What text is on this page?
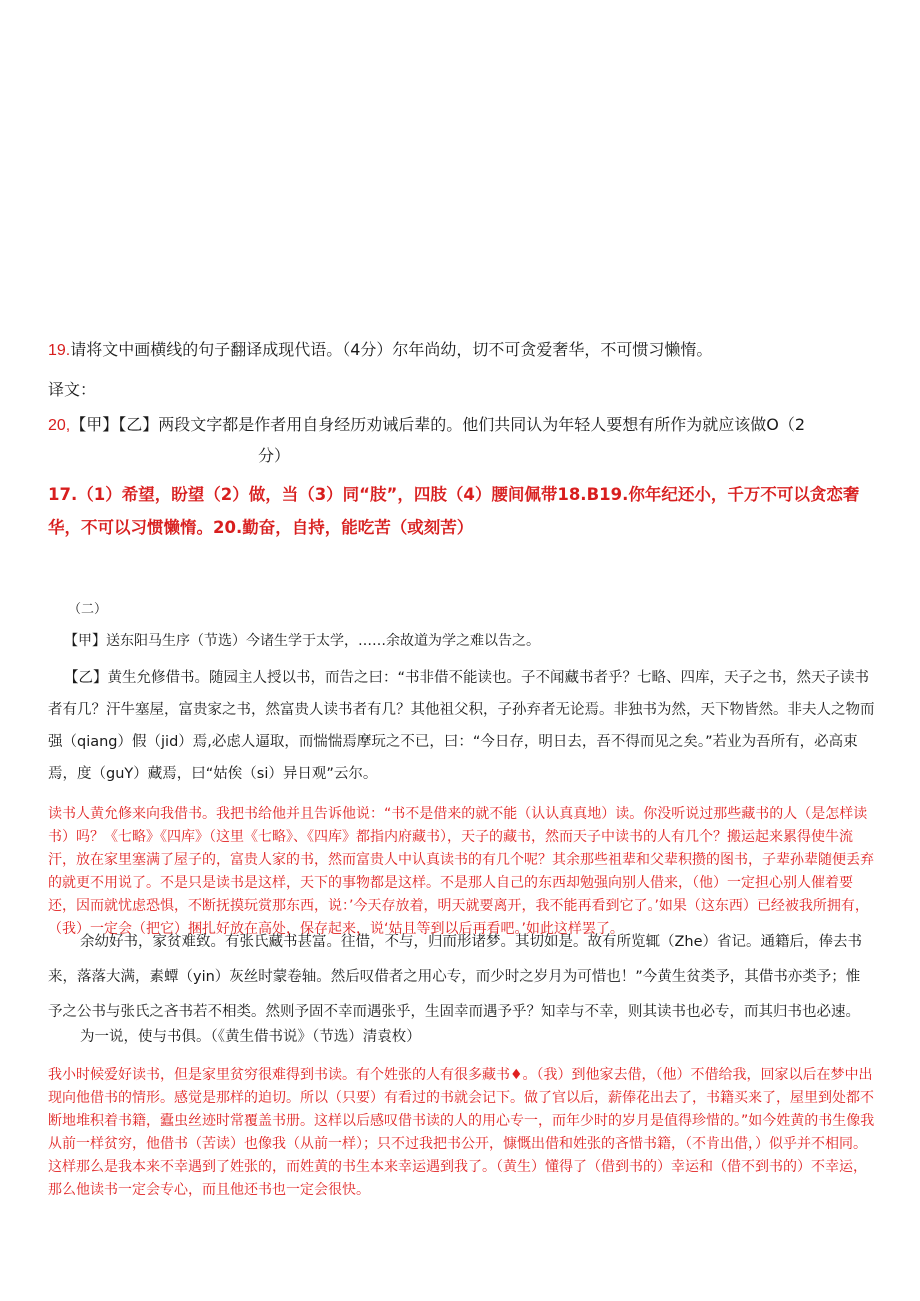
19.请将文中画横线的句子翻译成现代语。（4分）尔年尚幼，切不可贪爱奢华，不可惯习懒惰。
译文：
20,【甲】【乙】两段文字都是作者用自身经历劝诫后辈的。他们共同认为年轻人要想有所作为就应该做O（2
分）
17.（1）希望，盼望（2）做，当（3）同“肢”，四肢（4）腰间佩带18.B19.你年纪还小，千万不可以贪恋奢华，不可以习惯懒惰。20.勤奋，自持，能吃苦（或刻苦）
（二）
【甲】送东阳马生序（节选）今诸生学于太学，……余故道为学之难以告之。
【乙】黄生允修借书。随园主人授以书，而告之曰：“书非借不能读也。子不闻藏书者乎？七略、四库，天子之书，然天子读书者有几？汗牛塞屋，富贵家之书，然富贵人读书者有几？其他祖父积，子孙弃者无论焉。非独书为然，天下物皆然。非夫人之物而强（qiang）假（jid）焉,必虑人逼取，而惴惴焉摩玩之不已，曰：“今日存，明日去，吾不得而见之矣。”若业为吾所有，必高束焉，度（guY）藏焉，曰“姑俟（si）异日观”云尔。
读书人黄允修来向我借书。我把书给他并且告诉他说：“书不是借来的就不能（认认真真地）读。你没听说过那些藏书的人（是怎样读书）吗？《七略》《四库》（这里《七略》、《四库》都指内府藏书），天子的藏书，然而天子中读书的人有几个？搬运起来累得使牛流汗，放在家里塞满了屋子的，富贵人家的书，然而富贵人中认真读书的有几个呢？其余那些祖辈和父辈积攒的图书，子辈孙辈随便丢弃的就更不用说了。不是只是读书是这样，天下的事物都是这样。不是那人自己的东西却勉强向别人借来，（他）一定担心别人催着要还，因而就忧虑恐惧，不断抚摸玩赏那东西，说：’今天存放着，明天就要离开，我不能再看到它了。’如果（这东西）已经被我所拥有，（我）一定会（把它）捆扎好放在高处，保存起来，说‘姑且等到以后再看吧。’如此这样罢了。
余幼好书，家贫难致。有张氏藏书甚富。往借，不与，归而形诸梦。其切如是。故有所览辄（Zhe）省记。通籍后，俸去书来，落落大满，素蟫（yin）灰丝时蒙卷轴。然后叹借者之用心专，而少时之岁月为可惜也！”今黄生贫类予，其借书亦类予；惟予之公书与张氏之吝书若不相类。然则予固不幸而遇张乎，生固幸而遇予乎？知幸与不幸，则其读书也必专，而其归书也必速。
为一说，使与书俱。（《黄生借书说》（节选）清袁枚）
我小时候爱好读书，但是家里贫穷很难得到书读。有个姓张的人有很多藏书♦。（我）到他家去借，（他）不借给我，回家以后在梦中出现向他借书的情形。感觉是那样的迫切。所以（只要）有看过的书就会记下。做了官以后，薪俸花出去了，书籍买来了，屋里到处都不断地堆积着书籍，蠹虫丝迹时常覆盖书册。这样以后感叹借书读的人的用心专一，而年少时的岁月是值得珍惜的。”如今姓黄的书生像我从前一样贫穷，他借书（苦读）也像我（从前一样）；只不过我把书公开，慷慨出借和姓张的吝惜书籍，（不肯出借，）似乎并不相同。这样那么是我本来不幸遇到了姓张的，而姓黄的书生本来幸运遇到我了。（黄生）懂得了（借到书的）幸运和（借不到书的）不幸运，那么他读书一定会专心，而且他还书也一定会很快。
